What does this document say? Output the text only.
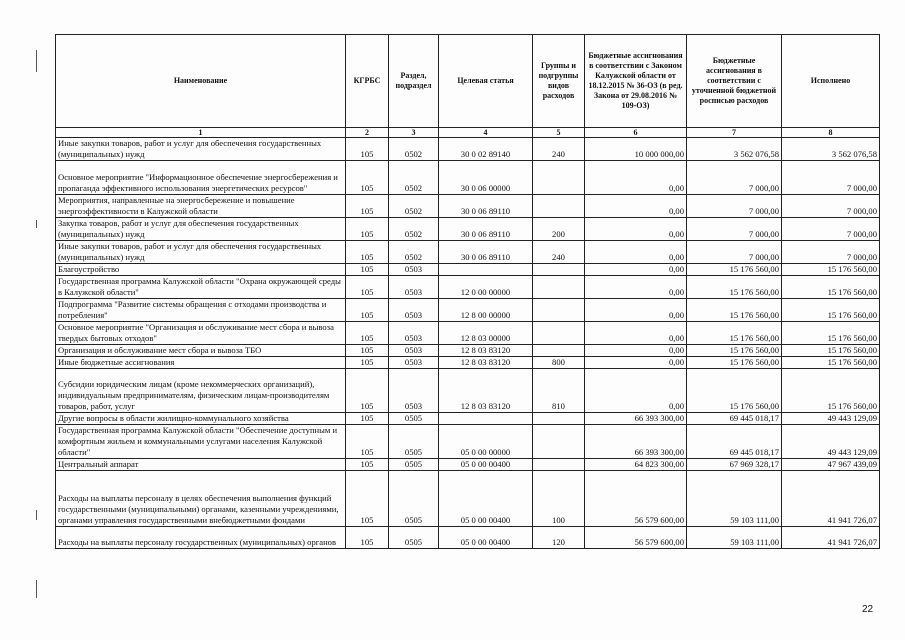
Наименование	КГРБС	Раздел, подраздел	Целевая статья	Группы и подгруппы видов расходов	Бюджетные ассигнования в соответствии с Законом Калужской области от 18.12.2015 № 36-ОЗ (в ред. Закона от 29.08.2016 № 109-ОЗ)	Бюджетные ассигнования в соответствии с уточненной бюджетной росписью расходов	Исполнено
1	2	3	4	5	6	7	8
Иные закупки товаров, работ и услуг для обеспечения государственных (муниципальных) нужд	105	0502	30 0 02 89140	240	10 000 000,00	3 562 076,58	3 562 076,58
Основное мероприятие "Информационное обеспечение энергосбережения и пропаганда эффективного использования энергетических ресурсов"	105	0502	30 0 06 00000		0,00	7 000,00	7 000,00
Мероприятия, направленные на энергосбережение и повышение энергоэффективности в Калужской области	105	0502	30 0 06 89110		0,00	7 000,00	7 000,00
Закупка товаров, работ и услуг для обеспечения государственных (муниципальных) нужд	105	0502	30 0 06 89110	200	0,00	7 000,00	7 000,00
Иные закупки товаров, работ и услуг для обеспечения государственных (муниципальных) нужд	105	0502	30 0 06 89110	240	0,00	7 000,00	7 000,00
Благоустройство	105	0503			0,00	15 176 560,00	15 176 560,00
Государственная программа Калужской области "Охрана окружающей среды в Калужской области"	105	0503	12 0 00 00000		0,00	15 176 560,00	15 176 560,00
Подпрограмма "Развитие системы обращения с отходами производства и потребления"	105	0503	12 8 00 00000		0,00	15 176 560,00	15 176 560,00
Основное мероприятие "Организация и обслуживание мест сбора и вывоза твердых бытовых отходов"	105	0503	12 8 03 00000		0,00	15 176 560,00	15 176 560,00
Организация и обслуживание мест сбора и вывоза ТБО	105	0503	12 8 03 83120		0,00	15 176 560,00	15 176 560,00
Иные бюджетные ассигнования	105	0503	12 8 03 83120	800	0,00	15 176 560,00	15 176 560,00
Субсидии юридическим лицам (кроме некоммерческих организаций), индивидуальным предпринимателям, физическим лицам-производителям товаров, работ, услуг	105	0503	12 8 03 83120	810	0,00	15 176 560,00	15 176 560,00
Другие вопросы в области жилищно-коммунального хозяйства	105	0505			66 393 300,00	69 445 018,17	49 443 129,09
Государственная программа Калужской области "Обеспечение доступным и комфортным жильем и коммунальными услугами населения Калужской области"	105	0505	05 0 00 00000		66 393 300,00	69 445 018,17	49 443 129,09
Центральный аппарат	105	0505	05 0 00 00400		64 823 300,00	67 969 328,17	47 967 439,09
Расходы на выплаты персоналу в целях обеспечения выполнения функций государственными (муниципальными) органами, казенными учреждениями, органами управления государственными внебюджетными фондами	105	0505	05 0 00 00400	100	56 579 600,00	59 103 111,00	41 941 726,07
Расходы на выплаты персоналу государственных (муниципальных) органов	105	0505	05 0 00 00400	120	56 579 600,00	59 103 111,00	41 941 726,07
22
